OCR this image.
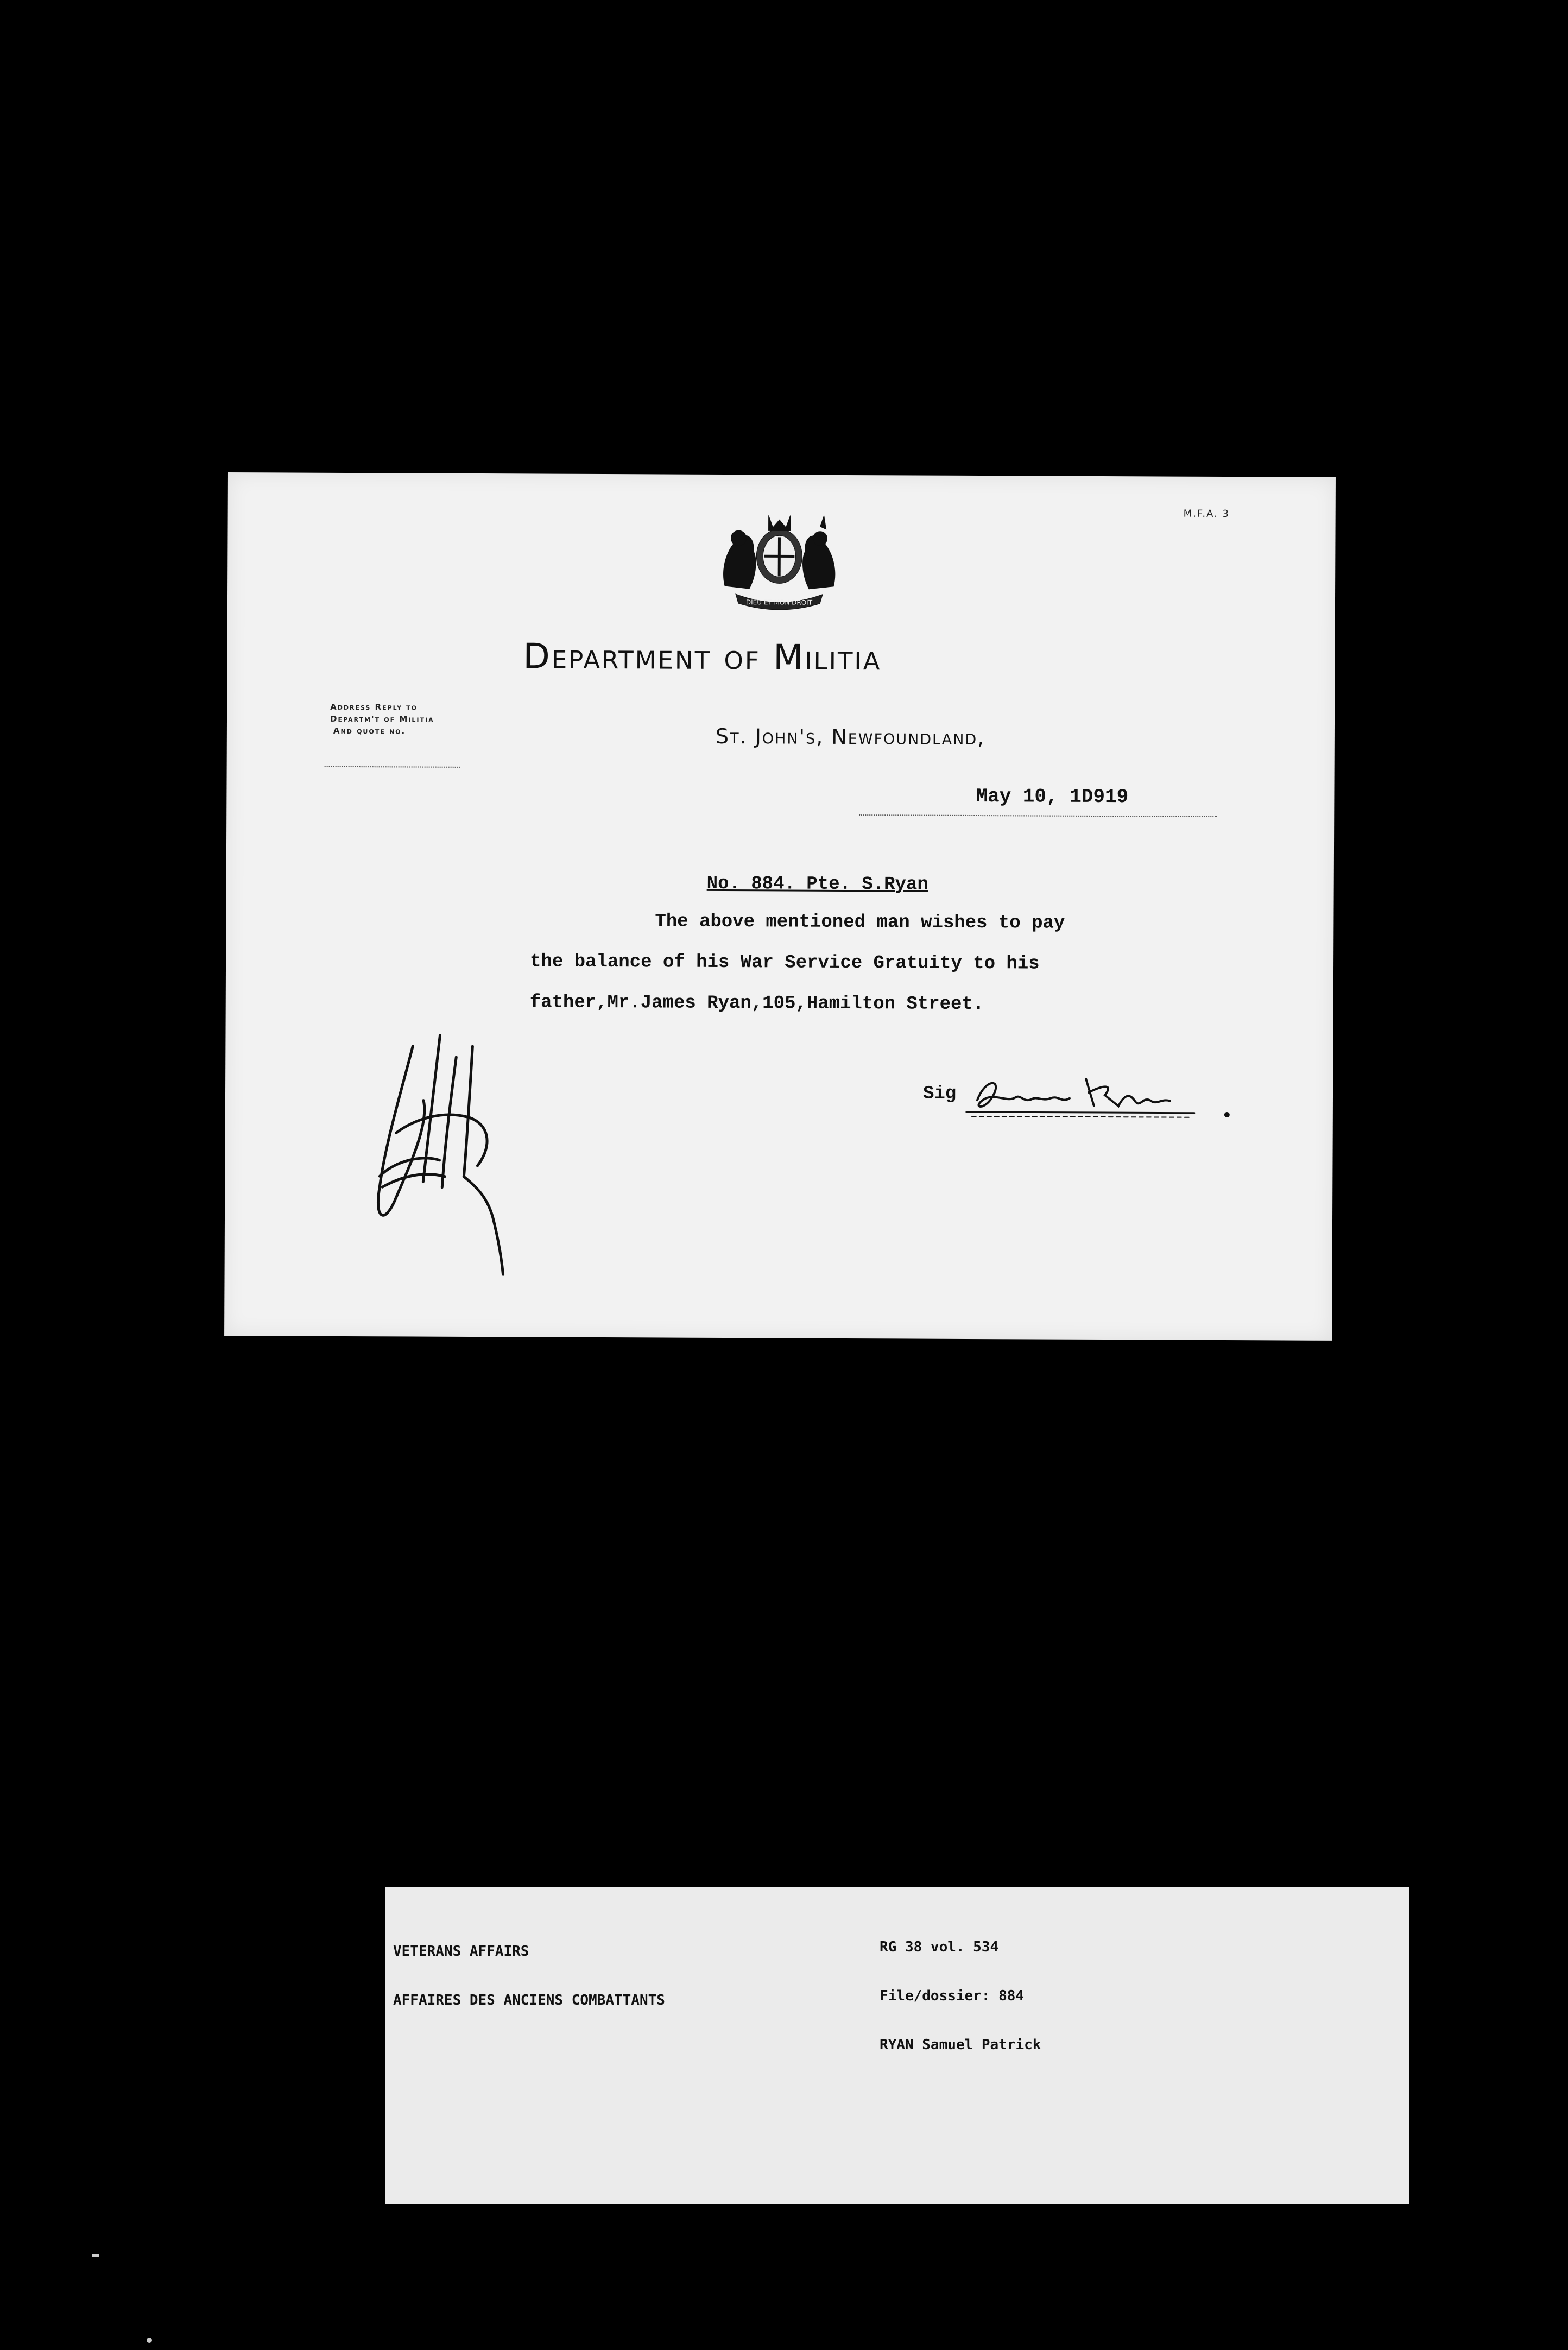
M.F.A. 3
DIEU ET MON DROIT
Department of Militia
Address Reply to
Departm't of Militia
And quote no.	St. John's, Newfoundland,
May 10, 1D919
No. 884. Pte. S.Ryan
The above mentioned man wishes to pay
the balance of his War Service Gratuity to his
father,Mr.James Ryan,105,Hamilton Street.
Sig

VETERANS AFFAIRS

AFFAIRES DES ANCIENS COMBATTANTS

RG 38 vol. 534

File/dossier: 884

RYAN Samuel Patrick
